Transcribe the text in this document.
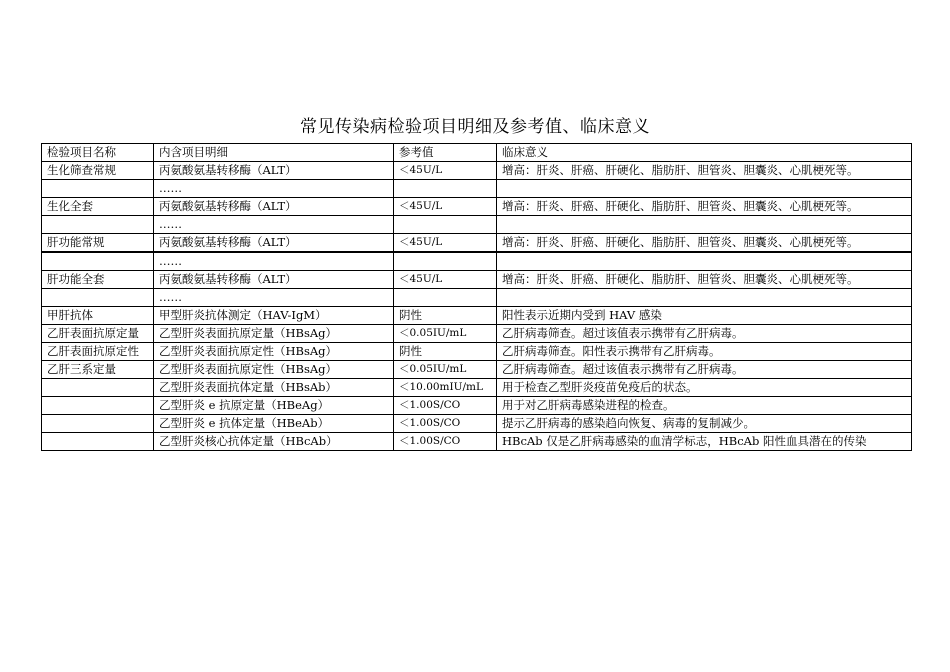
常见传染病检验项目明细及参考值、临床意义
检验项目名称	内含项目明细	参考值	临床意义
生化筛查常规	丙氨酸氨基转移酶（ALT）	＜45U/L	增高：肝炎、肝癌、肝硬化、脂肪肝、胆管炎、胆囊炎、心肌梗死等。
	……		
生化全套	丙氨酸氨基转移酶（ALT）	＜45U/L	增高：肝炎、肝癌、肝硬化、脂肪肝、胆管炎、胆囊炎、心肌梗死等。
	……		
肝功能常规	丙氨酸氨基转移酶（ALT）	＜45U/L	增高：肝炎、肝癌、肝硬化、脂肪肝、胆管炎、胆囊炎、心肌梗死等。
	……		
肝功能全套	丙氨酸氨基转移酶（ALT）	＜45U/L	增高：肝炎、肝癌、肝硬化、脂肪肝、胆管炎、胆囊炎、心肌梗死等。
	……		
甲肝抗体	甲型肝炎抗体测定（HAV-IgM）	阴性	阳性表示近期内受到 HAV 感染
乙肝表面抗原定量	乙型肝炎表面抗原定量（HBsAg）	＜0.05IU/mL	乙肝病毒筛查。超过该值表示携带有乙肝病毒。
乙肝表面抗原定性	乙型肝炎表面抗原定性（HBsAg）	阴性	乙肝病毒筛查。阳性表示携带有乙肝病毒。
乙肝三系定量	乙型肝炎表面抗原定性（HBsAg）	＜0.05IU/mL	乙肝病毒筛查。超过该值表示携带有乙肝病毒。
	乙型肝炎表面抗体定量（HBsAb）	＜10.00mIU/mL	用于检查乙型肝炎疫苗免疫后的状态。
	乙型肝炎 e 抗原定量（HBeAg）	＜1.00S/CO	用于对乙肝病毒感染进程的检查。
	乙型肝炎 e 抗体定量（HBeAb）	＜1.00S/CO	提示乙肝病毒的感染趋向恢复、病毒的复制减少。
	乙型肝炎核心抗体定量（HBcAb）	＜1.00S/CO	HBcAb 仅是乙肝病毒感染的血清学标志，HBcAb 阳性血具潜在的传染
